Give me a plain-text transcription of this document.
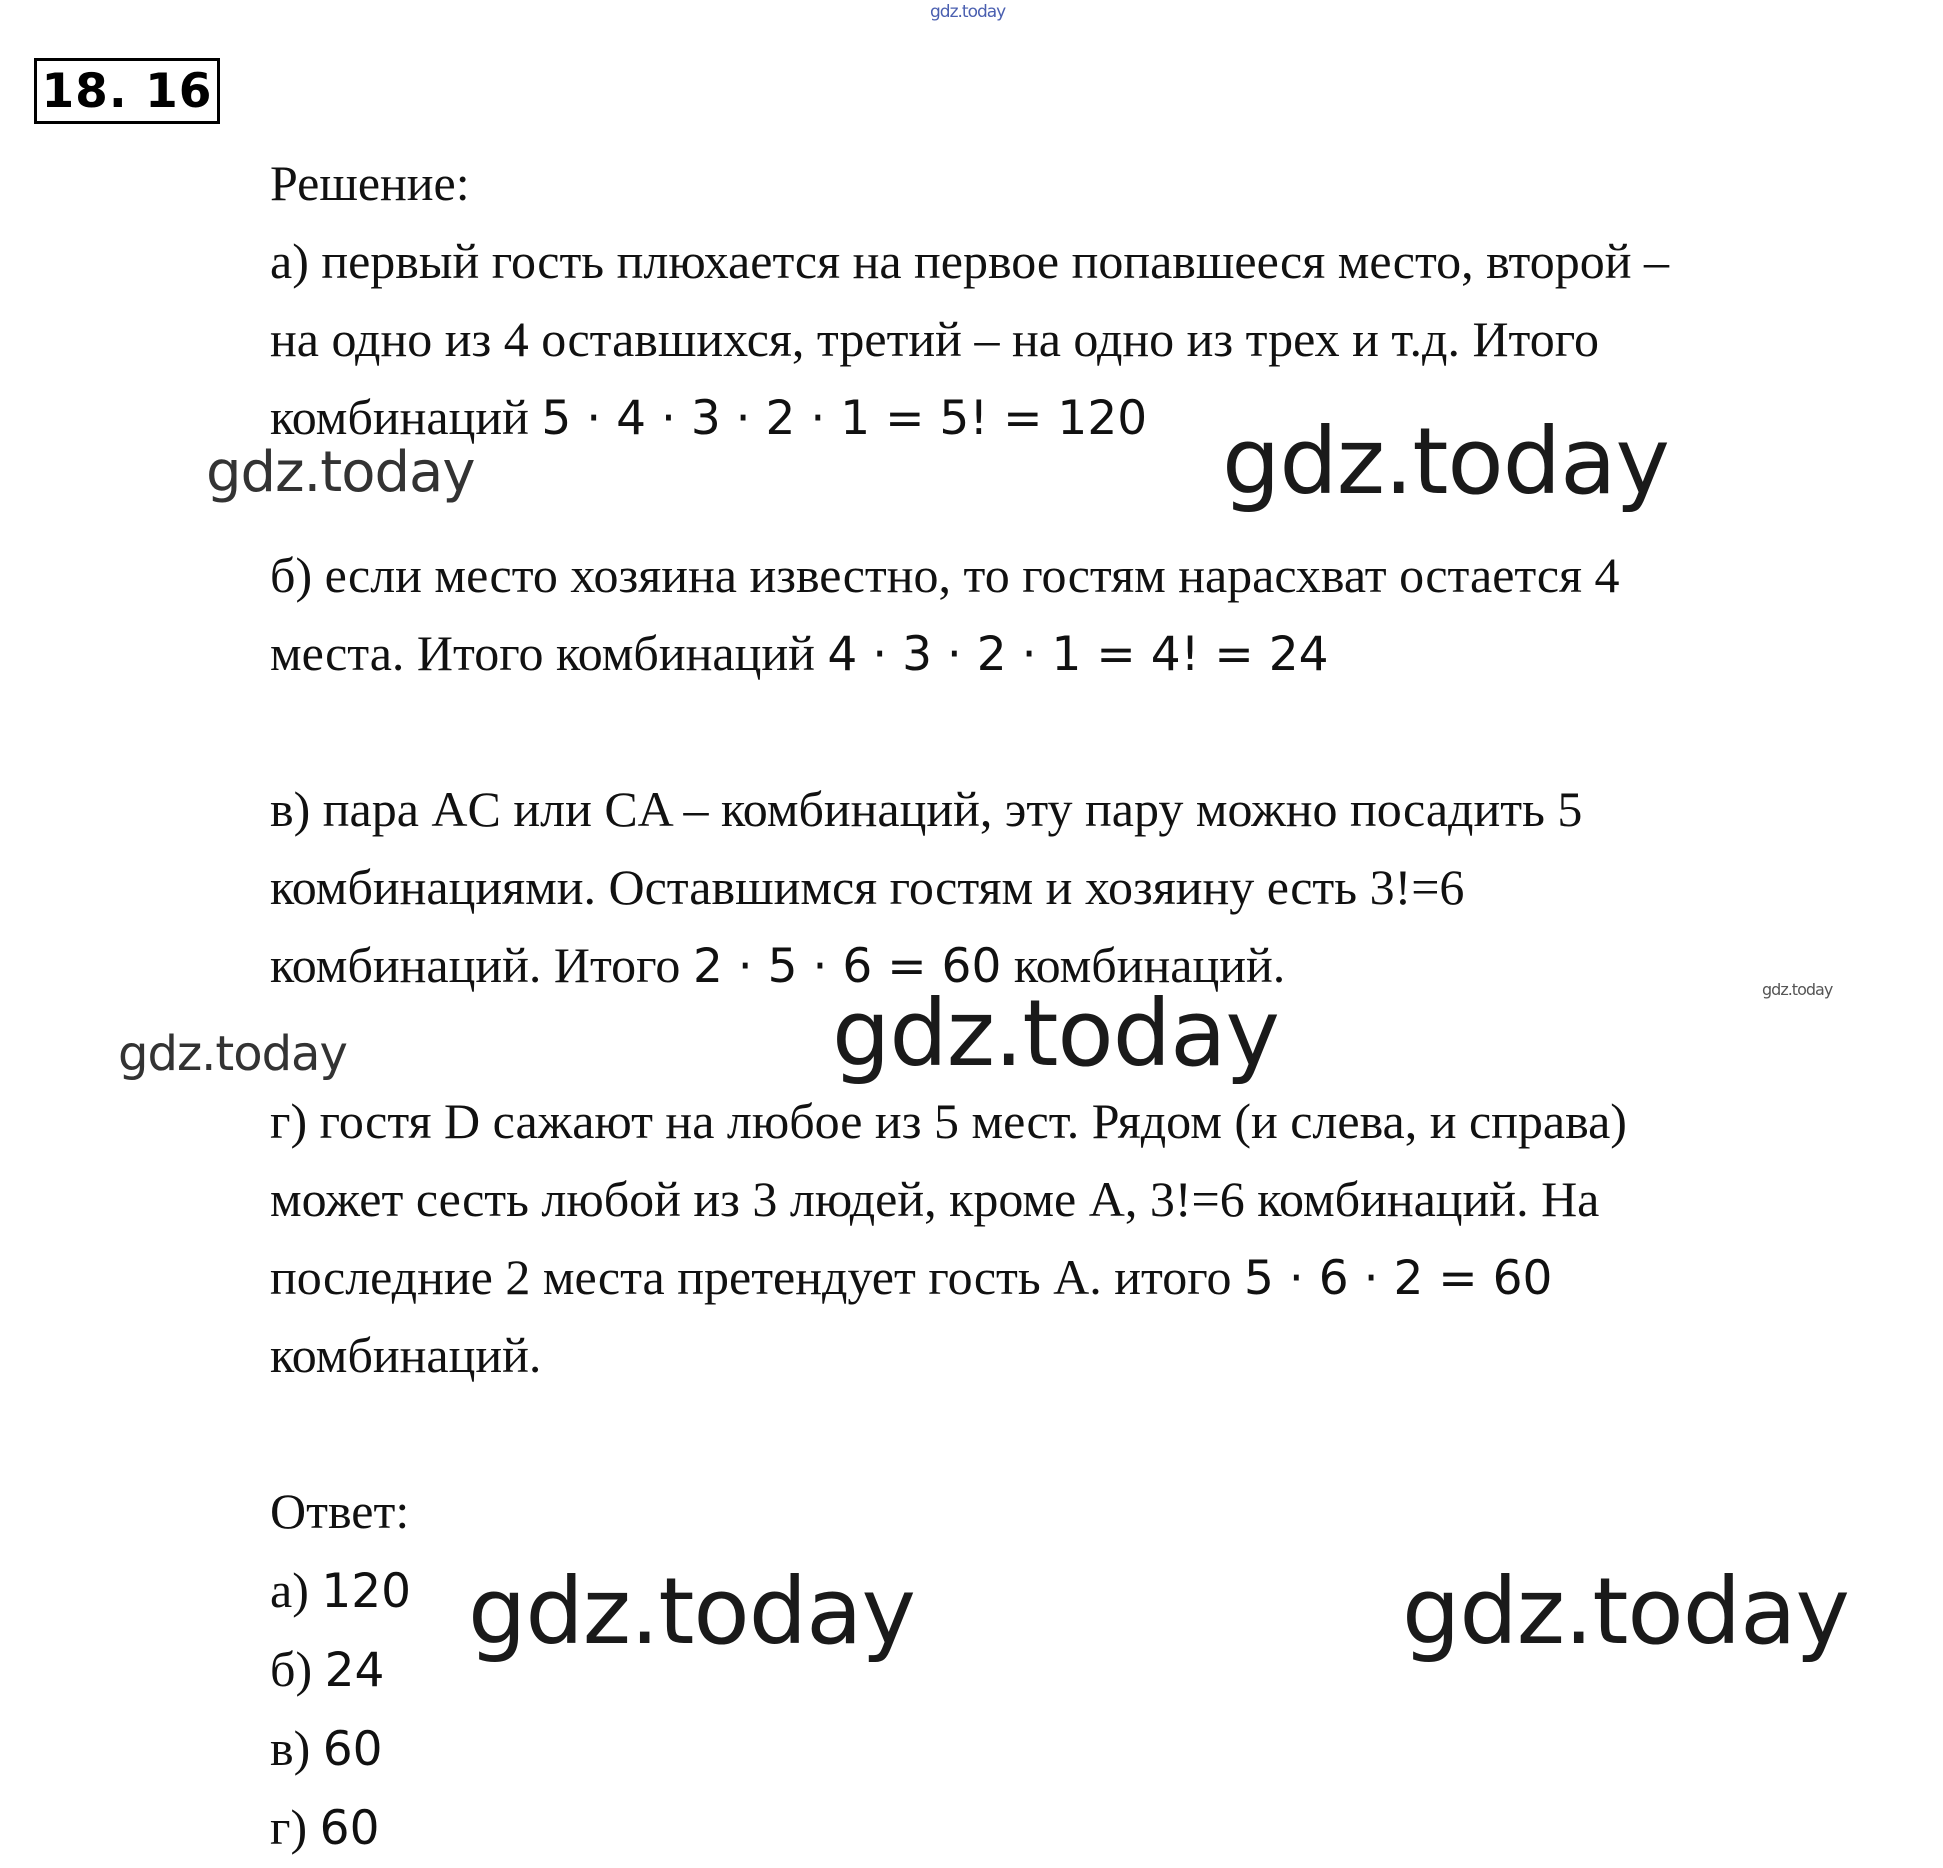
gdz.today
18. 16
Решение:
а) первый гость плюхается на первое попавшееся место, второй –
на одно из 4 оставшихся, третий – на одно из трех и т.д. Итого
комбинаций 5 · 4 · 3 · 2 · 1 = 5! = 120
gdz.today	gdz.today
б) если место хозяина известно, то гостям нарасхват остается 4
места. Итого комбинаций 4 · 3 · 2 · 1 = 4! = 24
в) пара AC или CA – комбинаций, эту пару можно посадить 5
комбинациями. Оставшимся гостям и хозяину есть 3!=6
комбинаций. Итого 2 · 5 · 6 = 60 комбинаций.	gdz.today
gdz.today	gdz.today
г) гостя D сажают на любое из 5 мест. Рядом (и слева, и справа)
может сесть любой из 3 людей, кроме А, 3!=6 комбинаций. На
последние 2 места претендует гость А. итого 5 · 6 · 2 = 60
комбинаций.
Ответ:
а) 120
б) 24
в) 60
г) 60
gdz.today	gdz.today
